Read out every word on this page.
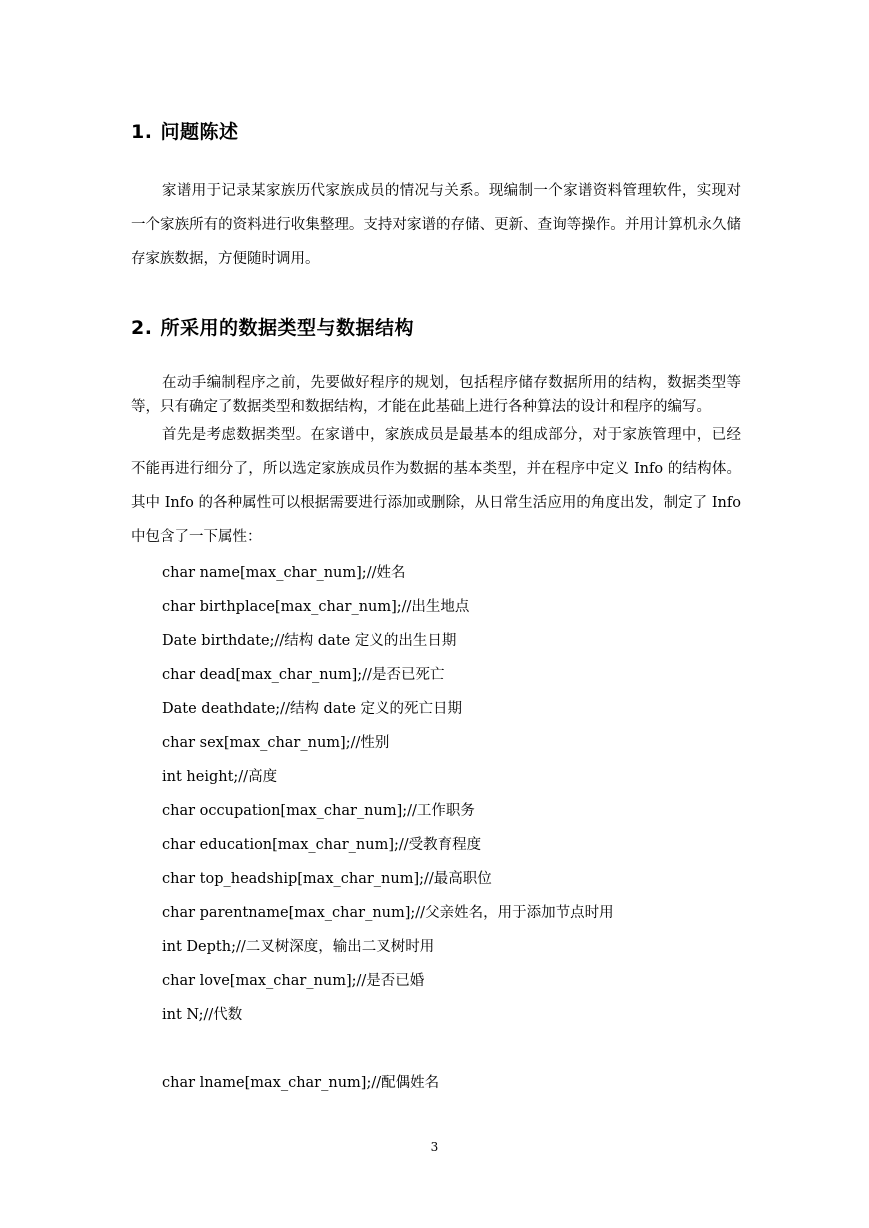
1. 问题陈述
家谱用于记录某家族历代家族成员的情况与关系。现编制一个家谱资料管理软件，实现对一个家族所有的资料进行收集整理。支持对家谱的存储、更新、查询等操作。并用计算机永久储存家族数据，方便随时调用。
2. 所采用的数据类型与数据结构
在动手编制程序之前，先要做好程序的规划，包括程序储存数据所用的结构，数据类型等等，只有确定了数据类型和数据结构，才能在此基础上进行各种算法的设计和程序的编写。
首先是考虑数据类型。在家谱中，家族成员是最基本的组成部分，对于家族管理中，已经不能再进行细分了，所以选定家族成员作为数据的基本类型，并在程序中定义 Info 的结构体。其中 Info 的各种属性可以根据需要进行添加或删除，从日常生活应用的角度出发，制定了 Info 中包含了一下属性：
char name[max_char_num];//姓名
char birthplace[max_char_num];//出生地点
Date birthdate;//结构 date 定义的出生日期
char dead[max_char_num];//是否已死亡
Date deathdate;//结构 date 定义的死亡日期
char sex[max_char_num];//性别
int height;//高度
char occupation[max_char_num];//工作职务
char education[max_char_num];//受教育程度
char top_headship[max_char_num];//最高职位
char parentname[max_char_num];//父亲姓名，用于添加节点时用
int Depth;//二叉树深度，输出二叉树时用
char love[max_char_num];//是否已婚
int N;//代数
char lname[max_char_num];//配偶姓名
3
